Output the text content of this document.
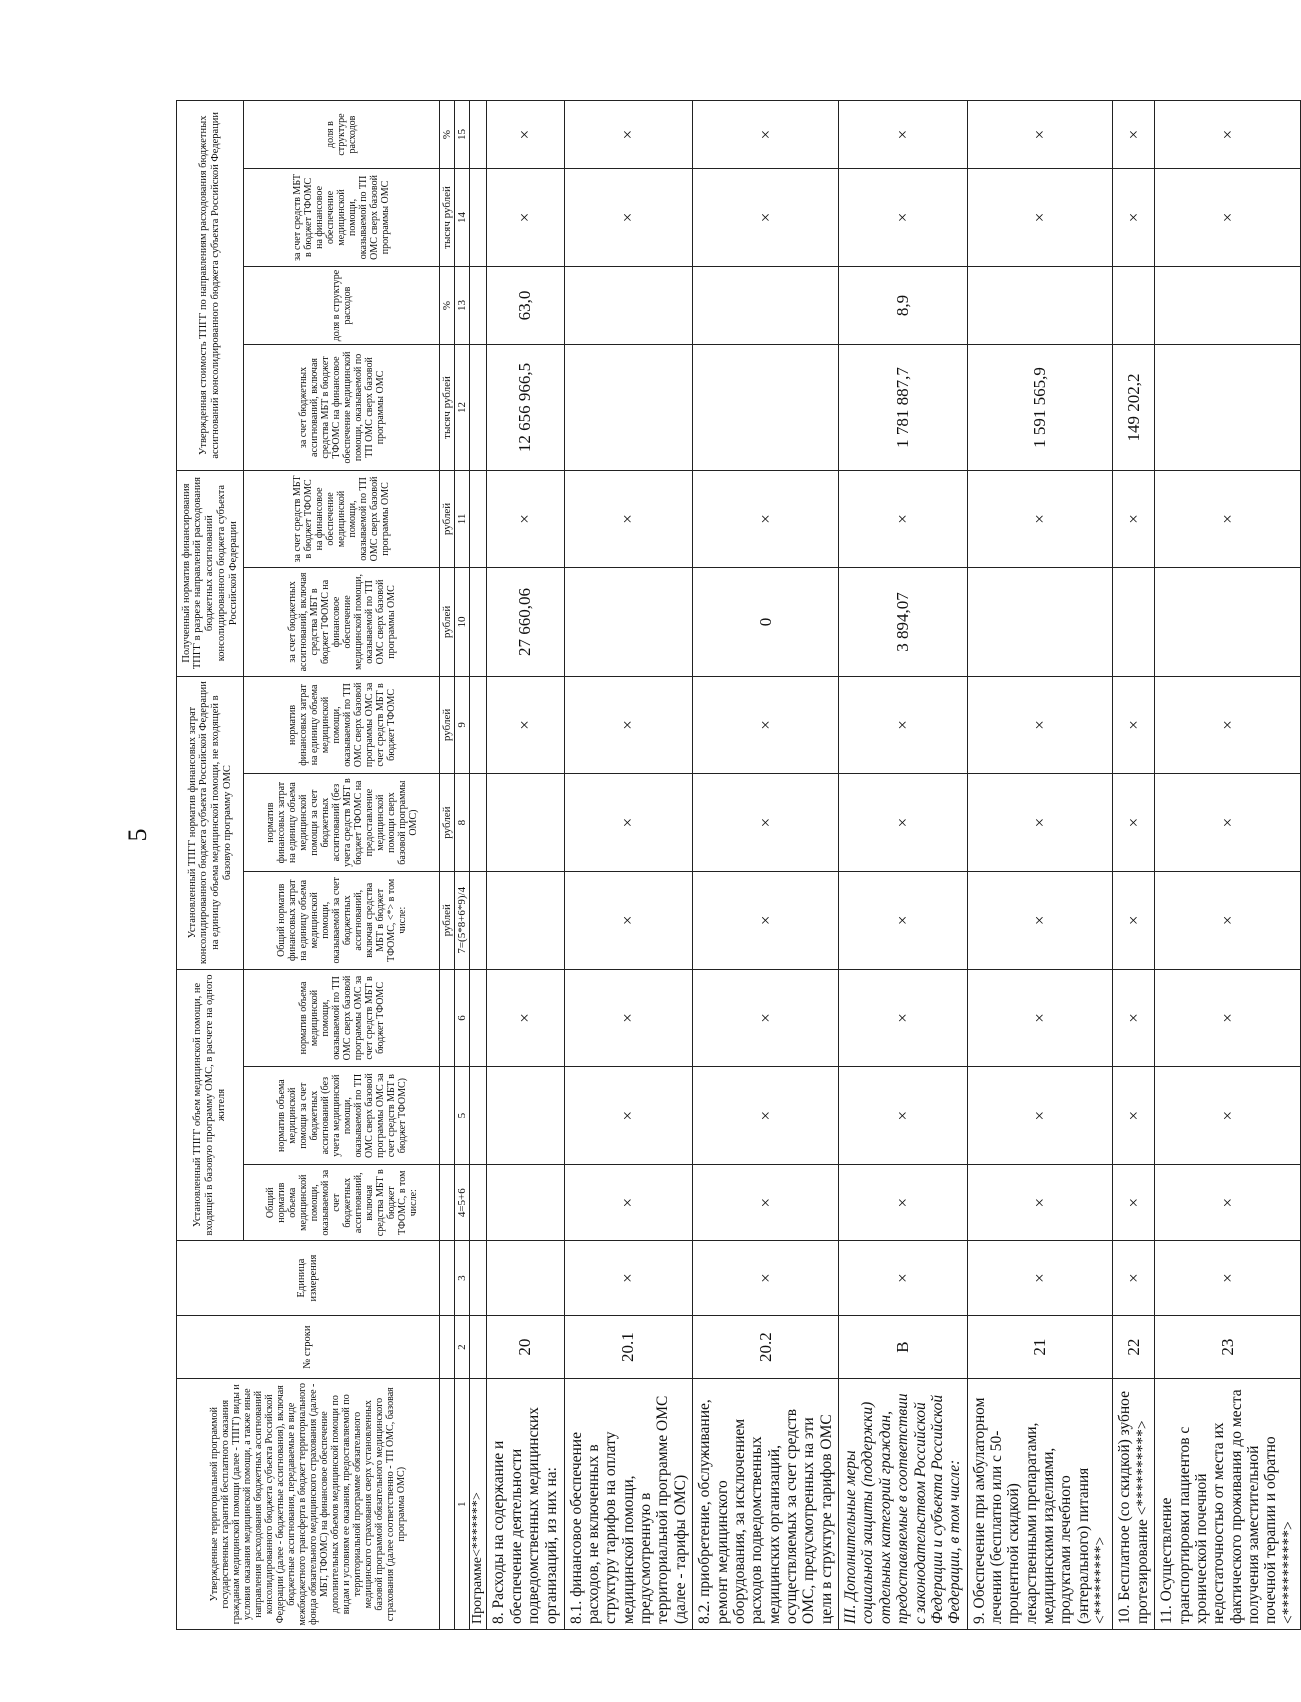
5
Утвержденные территориальной программой государственных гарантий бесплатного оказания гражданам медицинской помощи (далее - ТПГГ) виды и условия оказания медицинской помощи, а также иные направления расходования бюджетных ассигнований консолидированного бюджета субъекта Российской Федерации (далее - бюджетные ассигнования), включая бюджетные ассигнования, передаваемые в виде межбюджетного трансферта в бюджет территориального фонда обязательного медицинского страхования (далее - МБТ, ТФОМС) на финансовое обеспечение дополнительных объемов медицинской помощи по видам и условиям ее оказания, предоставляемой по территориальной программе обязательного медицинского страхования сверх установленных базовой программой обязательного медицинского страхования (далее соответственно - ТП ОМС, базовая программа ОМС)	№ строки	Единица измерения	Установленный ТПГГ объем медицинской помощи, не входящей в базовую программу ОМС, в расчете на одного жителя			Установленный ТПГГ норматив финансовых затрат консолидированного бюджета субъекта Российской Федерации на единицу объема медицинской помощи, не входящей в базовую программу ОМС			Полученный норматив финансирования ТПГГ в разрезе направлений расходования бюджетных ассигнований консолидированного бюджета субъекта Российской Федерации		Утвержденная стоимость ТПГГ по направлениям расходования бюджетных ассигнований консолидированного бюджета субъекта Российской Федерации			
			Общий норматив объема медицинской помощи, оказываемой за счет бюджетных ассигнований, включая средства МБТ в бюджет ТФОМС, в том числе:	норматив объема медицинской помощи за счет бюджетных ассигнований (без учета медицинской помощи, оказываемой по ТП ОМС сверх базовой программы ОМС за счет средств МБТ в бюджет ТФОМС)	норматив объема медицинской помощи, оказываемой по ТП ОМС сверх базовой программы ОМС за счет средств МБТ в бюджет ТФОМС	Общий норматив финансовых затрат на единицу объема медицинской помощи, оказываемой за счет бюджетных ассигнований, включая средства МБТ в бюджет ТФОМС, <*> в том числе:	норматив финансовых затрат на единицу объема медицинской помощи за счет бюджетных ассигнований (без учета средств МБТ в бюджет ТФОМС на предоставление медицинской помощи сверх базовой программы ОМС)	норматив финансовых затрат на единицу объема медицинской помощи, оказываемой по ТП ОМС сверх базовой программы ОМС за счет средств МБТ в бюджет ТФОМС	за счет бюджетных ассигнований, включая средства МБТ в бюджет ТФОМС на финансовое обеспечение медицинской помощи, оказываемой по ТП ОМС сверх базовой программы ОМС	за счет средств МБТ в бюджет ТФОМС на финансовое обеспечение медицинской помощи, оказываемой по ТП ОМС сверх базовой программы ОМС	за счет бюджетных ассигнований, включая средства МБТ в бюджет ТФОМС на финансовое обеспечение медицинской помощи, оказываемой по ТП ОМС сверх базовой программы ОМС	доля в структуре расходов	за счет средств МБТ в бюджет ТФОМС на финансовое обеспечение медицинской помощи, оказываемой по ТП ОМС сверх базовой программы ОМС	доля в структуре расходов
						рублей	рублей	рублей	рублей	рублей	тысяч рублей	%	тысяч рублей	%
1	2	3	4=5+6	5	6	7=(5*8+6*9)/4	8	9	10	11	12	13	14	15
Программе<*******>														
8. Расходы на содержание и обеспечение деятельности подведомственных медицинских организаций, из них на:	20				×			×	27 660,06	×	12 656 966,5	63,0	×	×
8.1. финансовое обеспечение расходов, не включенных в структуру тарифов на оплату медицинской помощи, предусмотренную в территориальной программе ОМС (далее - тарифы ОМС)	20.1	×	×	×	×	×	×	×		×			×	×
8.2. приобретение, обслуживание, ремонт медицинского оборудования, за исключением расходов подведомственных медицинских организаций, осуществляемых за счет средств ОМС, предусмотренных на эти цели в структуре тарифов ОМС	20.2	×	×	×	×	×	×	×	0	×			×	×
III. Дополнительные меры социальной защиты (поддержки) отдельных категорий граждан, предоставляемые в соответствии с законодательством Российской Федерации и субъекта Российской Федерации, в том числе:	В	×	×	×	×	×	×	×	3 894,07	×	1 781 887,7	8,9	×	×
9. Обеспечение при амбулаторном лечении (бесплатно или с 50-процентной скидкой) лекарственными препаратами, медицинскими изделиями, продуктами лечебного (энтерального) питания <*********>	21	×	×	×	×	×	×	×		×	1 591 565,9		×	×
10. Бесплатное (со скидкой) зубное протезирование <**********>	22	×	×	×	×	×	×	×		×	149 202,2		×	×
11. Осуществление транспортировки пациентов с хронической почечной недостаточностью от места их фактического проживания до места получения заместительной почечной терапии и обратно <***********>	23	×	×	×	×	×	×	×		×			×	×
